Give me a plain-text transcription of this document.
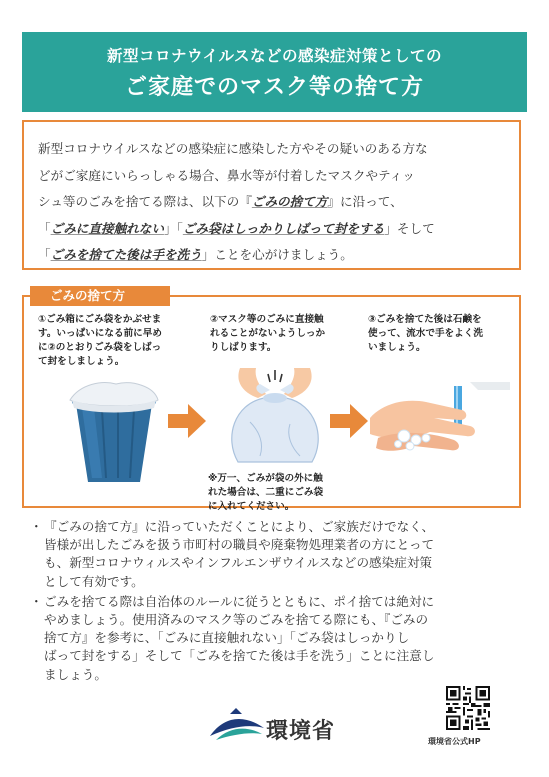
新型コロナウイルスなどの感染症対策としての
ご家庭でのマスク等の捨て方
新型コロナウイルスなどの感染症に感染した方やその疑いのある方な
どがご家庭にいらっしゃる場合、鼻水等が付着したマスクやティッ
シュ等のごみを捨てる際は、以下の『ごみの捨て方』に沿って、
「ごみに直接触れない」「ごみ袋はしっかりしばって封をする」そして
「ごみを捨てた後は手を洗う」ことを心がけましょう。
ごみの捨て方
①ごみ箱にごみ袋をかぶせま
す。いっぱいになる前に早め
に②のとおりごみ袋をしばっ
て封をしましょう。
②マスク等のごみに直接触
れることがないようしっか
りしばります。
③ごみを捨てた後は石鹸を
使って、流水で手をよく洗
いましょう。
※万一、ごみが袋の外に触
れた場合は、二重にごみ袋
に入れてください。
・ 『ごみの捨て方』に沿っていただくことにより、ご家族だけでなく、
皆様が出したごみを扱う市町村の職員や廃棄物処理業者の方にとって
も、新型コロナウィルスやインフルエンザウイルスなどの感染症対策
として有効です。
・ ごみを捨てる際は自治体のルールに従うとともに、ポイ捨ては絶対に
やめましょう。使用済みのマスク等のごみを捨てる際にも、『ごみの
捨て方』を参考に、「ごみに直接触れない」「ごみ袋はしっかりし
ばって封をする」そして「ごみを捨てた後は手を洗う」ことに注意し
ましょう。
環境省	環境省公式HP
